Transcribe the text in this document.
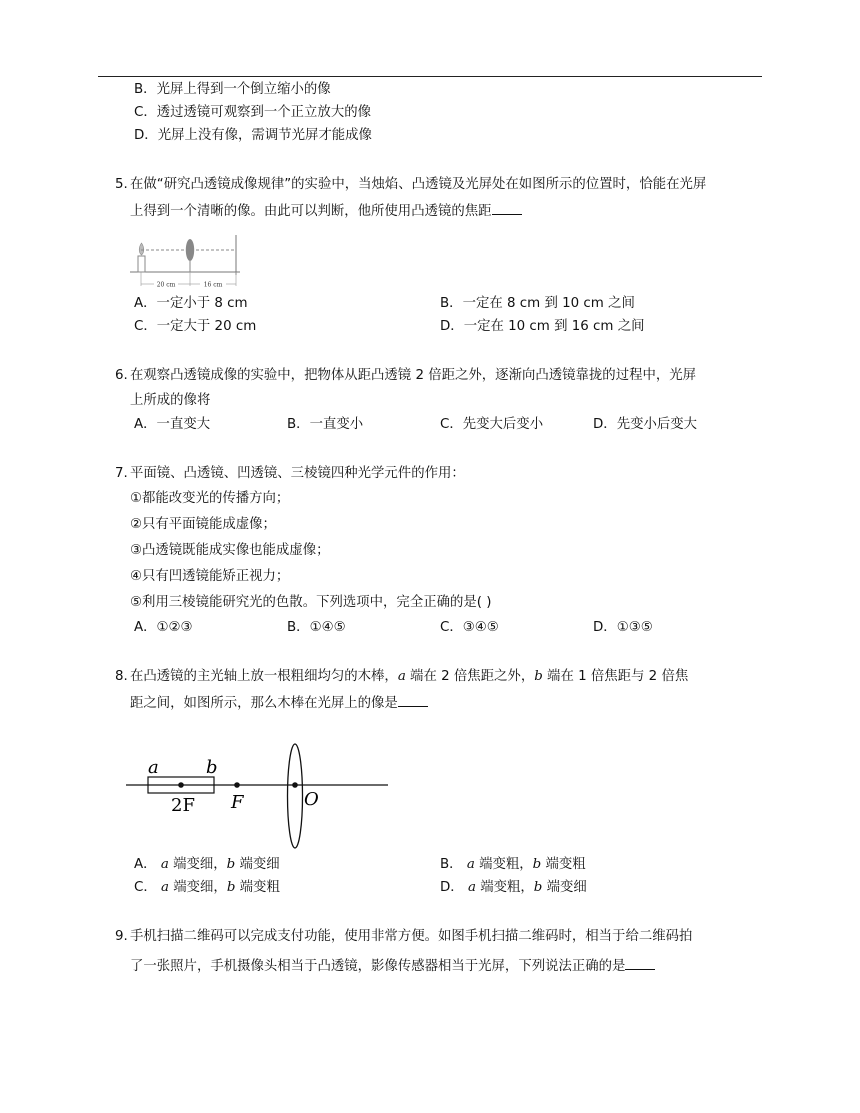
B．光屏上得到一个倒立缩小的像
C．透过透镜可观察到一个正立放大的像
D．光屏上没有像，需调节光屏才能成像
5. 在做“研究凸透镜成像规律”的实验中，当烛焰、凸透镜及光屏处在如图所示的位置时，恰能在光屏
上得到一个清晰的像。由此可以判断，他所使用凸透镜的焦距
20 cm	16 cm
A．一定小于 8 cm	B．一定在 8 cm 到 10 cm 之间
C．一定大于 20 cm	D．一定在 10 cm 到 16 cm 之间
6. 在观察凸透镜成像的实验中，把物体从距凸透镜 2 倍距之外，逐渐向凸透镜靠拢的过程中，光屏
上所成的像将
A．一直变大	B．一直变小	C．先变大后变小	D．先变小后变大
7. 平面镜、凸透镜、凹透镜、三棱镜四种光学元件的作用：
①都能改变光的传播方向；
②只有平面镜能成虚像；
③凸透镜既能成实像也能成虚像；
④只有凹透镜能矫正视力；
⑤利用三棱镜能研究光的色散。下列选项中，完全正确的是( )
A．①②③	B．①④⑤	C．③④⑤	D．①③⑤
8. 在凸透镜的主光轴上放一根粗细均匀的木棒，a 端在 2 倍焦距之外，b 端在 1 倍焦距与 2 倍焦
距之间，如图所示，那么木棒在光屏上的像是
a	b
2F F	O
A． a 端变细，b 端变细	B． a 端变粗，b 端变粗
C． a 端变细，b 端变粗	D． a 端变粗，b 端变细
9. 手机扫描二维码可以完成支付功能，使用非常方便。如图手机扫描二维码时，相当于给二维码拍
了一张照片，手机摄像头相当于凸透镜，影像传感器相当于光屏，下列说法正确的是
